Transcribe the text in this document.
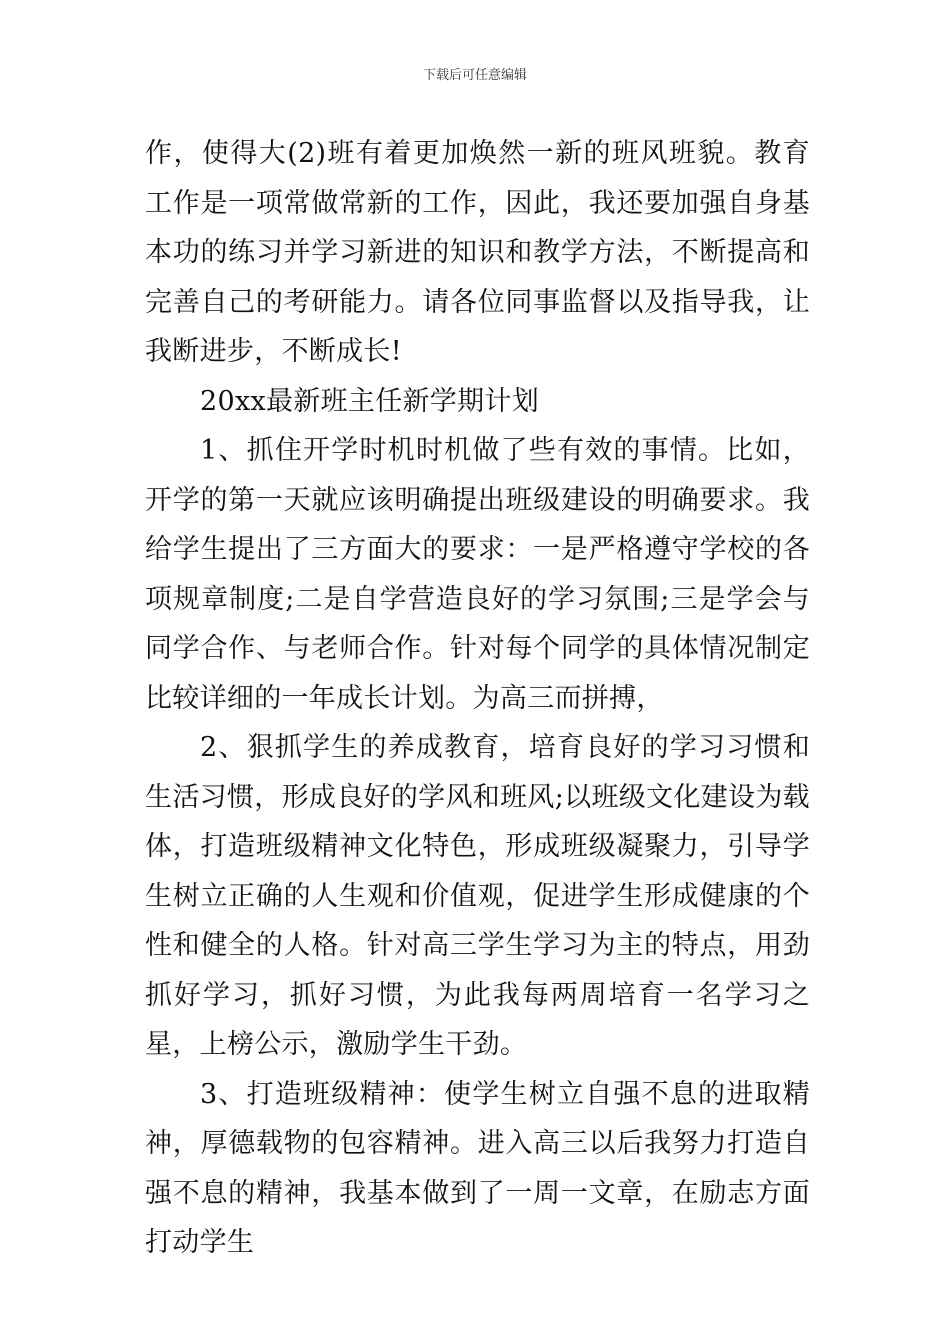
下载后可任意编辑

作，使得大(2)班有着更加焕然一新的班风班貌。教育工作是一项常做常新的工作，因此，我还要加强自身基本功的练习并学习新进的知识和教学方法，不断提高和完善自己的考研能力。请各位同事监督以及指导我，让我断进步，不断成长!

20xx最新班主任新学期计划

1、抓住开学时机时机做了些有效的事情。比如，开学的第一天就应该明确提出班级建设的明确要求。我给学生提出了三方面大的要求：一是严格遵守学校的各项规章制度;二是自学营造良好的学习氛围;三是学会与同学合作、与老师合作。针对每个同学的具体情况制定比较详细的一年成长计划。为高三而拼搏，

2、狠抓学生的养成教育，培育良好的学习习惯和生活习惯，形成良好的学风和班风;以班级文化建设为载体，打造班级精神文化特色，形成班级凝聚力，引导学生树立正确的人生观和价值观，促进学生形成健康的个性和健全的人格。针对高三学生学习为主的特点，用劲抓好学习，抓好习惯，为此我每两周培育一名学习之星，上榜公示，激励学生干劲。

3、打造班级精神：使学生树立自强不息的进取精神，厚德载物的包容精神。进入高三以后我努力打造自强不息的精神，我基本做到了一周一文章，在励志方面打动学生
